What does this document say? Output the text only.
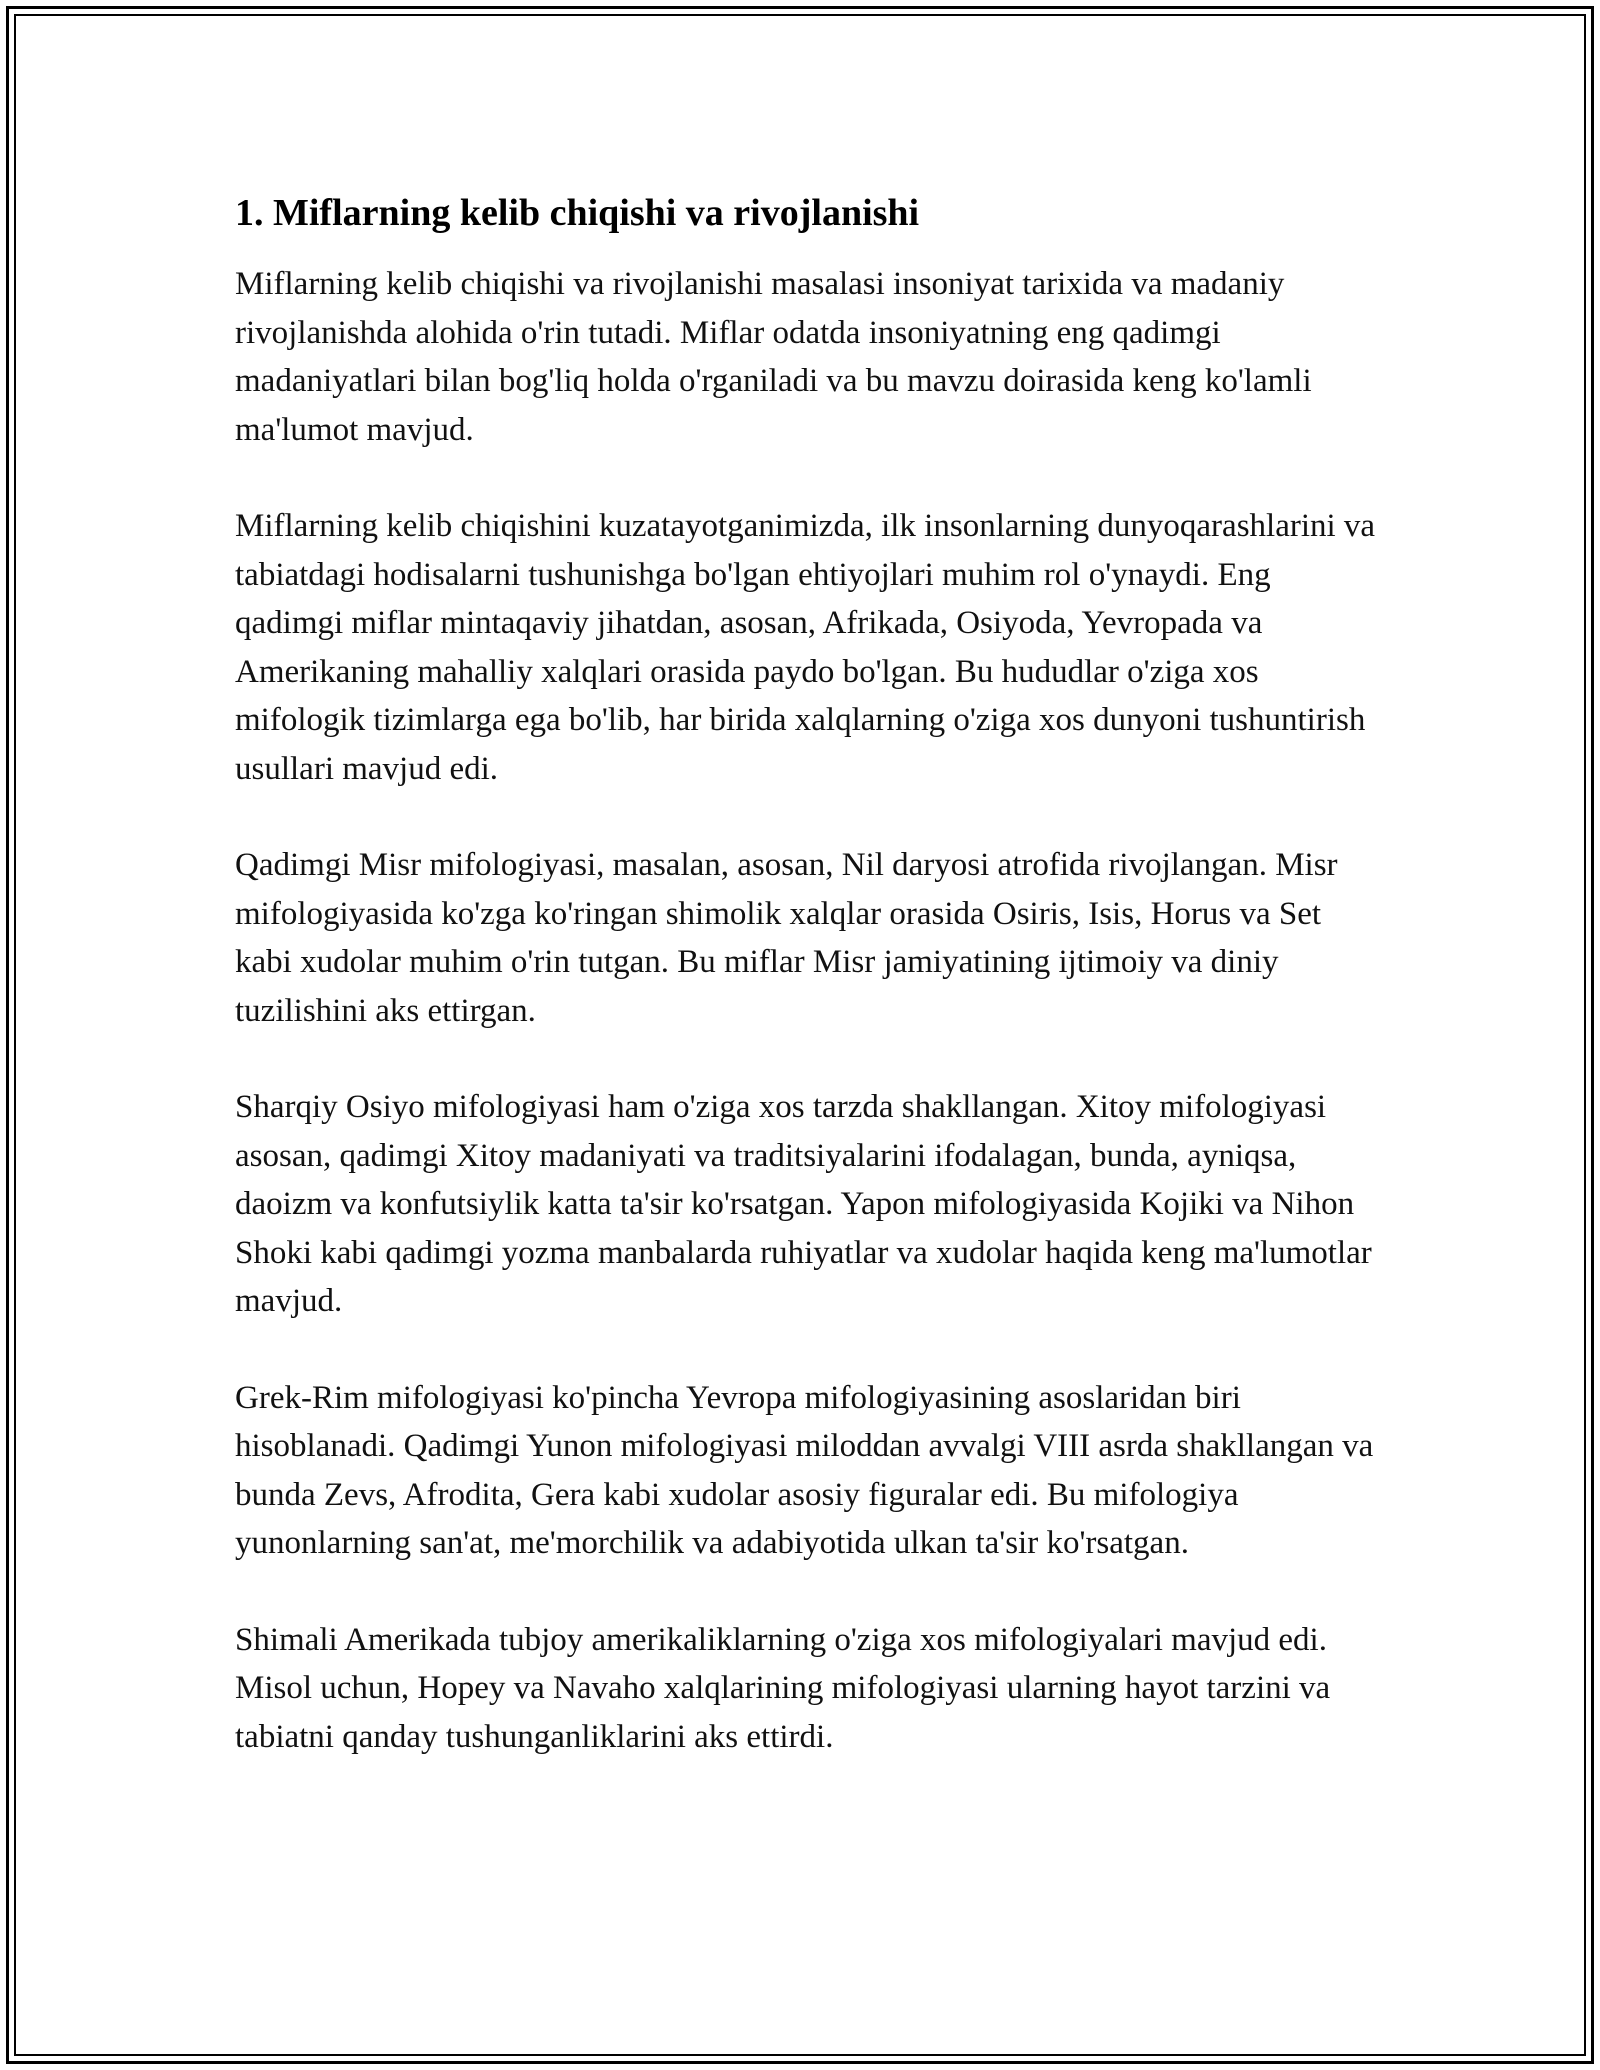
1. Miflarning kelib chiqishi va rivojlanishi

Miflarning kelib chiqishi va rivojlanishi masalasi insoniyat tarixida va madaniy rivojlanishda alohida o'rin tutadi. Miflar odatda insoniyatning eng qadimgi madaniyatlari bilan bog'liq holda o'rganiladi va bu mavzu doirasida keng ko'lamli ma'lumot mavjud.

Miflarning kelib chiqishini kuzatayotganimizda, ilk insonlarning dunyoqarashlarini va tabiatdagi hodisalarni tushunishga bo'lgan ehtiyojlari muhim rol o'ynaydi. Eng qadimgi miflar mintaqaviy jihatdan, asosan, Afrikada, Osiyoda, Yevropada va Amerikaning mahalliy xalqlari orasida paydo bo'lgan. Bu hududlar o'ziga xos mifologik tizimlarga ega bo'lib, har birida xalqlarning o'ziga xos dunyoni tushuntirish usullari mavjud edi.

Qadimgi Misr mifologiyasi, masalan, asosan, Nil daryosi atrofida rivojlangan. Misr mifologiyasida ko'zga ko'ringan shimolik xalqlar orasida Osiris, Isis, Horus va Set kabi xudolar muhim o'rin tutgan. Bu miflar Misr jamiyatining ijtimoiy va diniy tuzilishini aks ettirgan.

Sharqiy Osiyo mifologiyasi ham o'ziga xos tarzda shakllangan. Xitoy mifologiyasi asosan, qadimgi Xitoy madaniyati va traditsiyalarini ifodalagan, bunda, ayniqsa, daoizm va konfutsiylik katta ta'sir ko'rsatgan. Yapon mifologiyasida Kojiki va Nihon Shoki kabi qadimgi yozma manbalarda ruhiyatlar va xudolar haqida keng ma'lumotlar mavjud.

Grek-Rim mifologiyasi ko'pincha Yevropa mifologiyasining asoslaridan biri hisoblanadi. Qadimgi Yunon mifologiyasi miloddan avvalgi VIII asrda shakllangan va bunda Zevs, Afrodita, Gera kabi xudolar asosiy figuralar edi. Bu mifologiya yunonlarning san'at, me'morchilik va adabiyotida ulkan ta'sir ko'rsatgan.

Shimali Amerikada tubjoy amerikaliklarning o'ziga xos mifologiyalari mavjud edi. Misol uchun, Hopey va Navaho xalqlarining mifologiyasi ularning hayot tarzini va tabiatni qanday tushunganliklarini aks ettirdi.
